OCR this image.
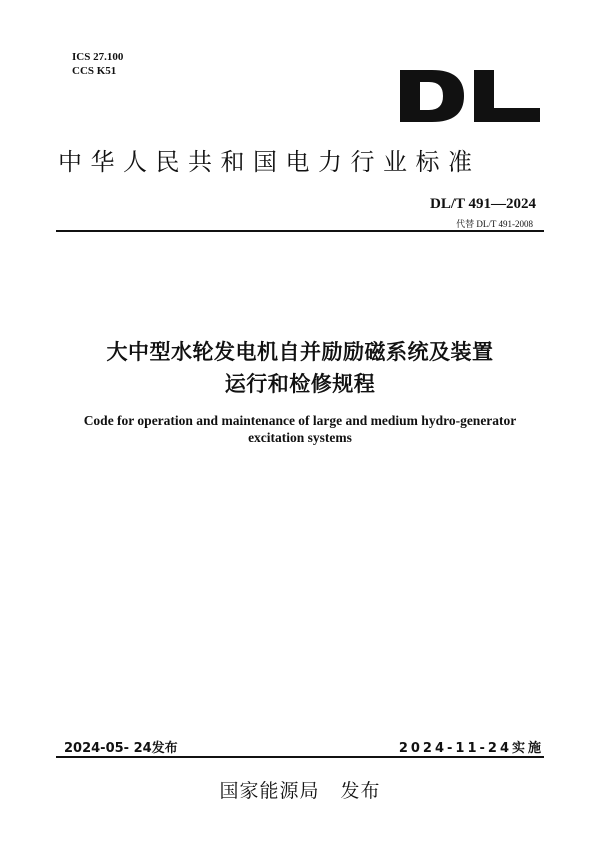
ICS 27.100
CCS K51
中华人民共和国电力行业标准
DL/T 491—2024
代替 DL/T 491-2008
大中型水轮发电机自并励励磁系统及装置
运行和检修规程
Code for operation and maintenance of large and medium hydro-generator
excitation systems
2024-05- 24发布	2024-11-24实施
国家能源局   发布
